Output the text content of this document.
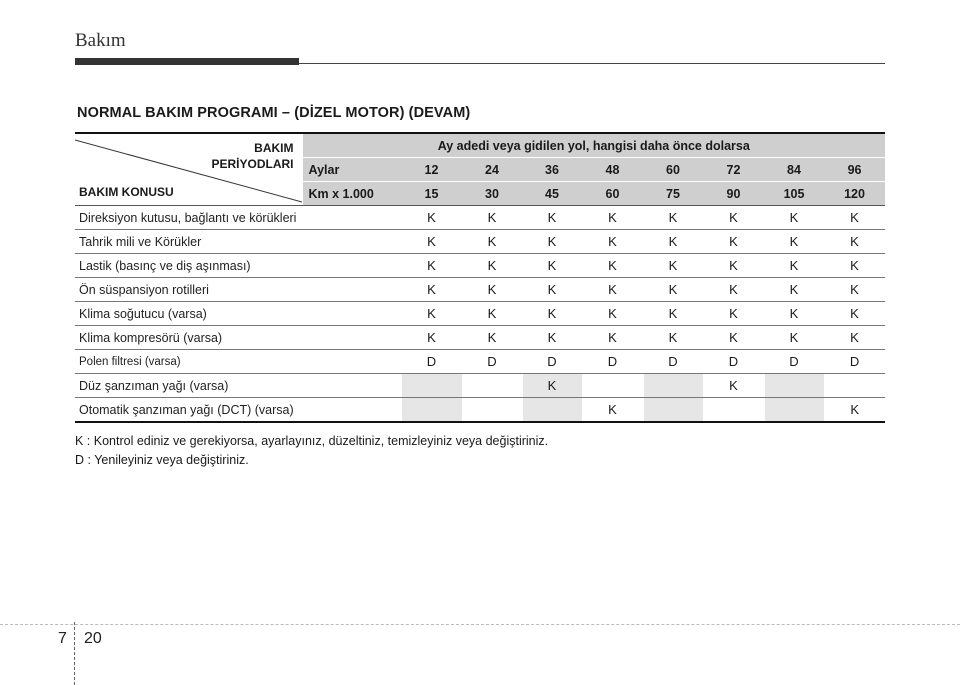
Bakım
NORMAL BAKIM PROGRAMI – (DİZEL MOTOR) (DEVAM)
BAKIM
PERİYODLARI
BAKIM KONUSU	Ay adedi veya gidilen yol, hangisi daha önce dolarsa								
	Aylar	12	24	36	48	60	72	84	96
	Km x 1.000	15	30	45	60	75	90	105	120
Direksiyon kutusu, bağlantı ve körükleri		K	K	K	K	K	K	K	K
Tahrik mili ve Körükler		K	K	K	K	K	K	K	K
Lastik (basınç ve diş aşınması)		K	K	K	K	K	K	K	K
Ön süspansiyon rotilleri		K	K	K	K	K	K	K	K
Klima soğutucu (varsa)		K	K	K	K	K	K	K	K
Klima kompresörü (varsa)		K	K	K	K	K	K	K	K
Polen filtresi (varsa)		D	D	D	D	D	D	D	D
Düz şanzıman yağı (varsa)				K			K		
Otomatik şanzıman yağı (DCT) (varsa)					K				K
K : Kontrol ediniz ve gerekiyorsa, ayarlayınız, düzeltiniz, temizleyiniz veya değiştiriniz.
D : Yenileyiniz veya değiştiriniz.
7 20
